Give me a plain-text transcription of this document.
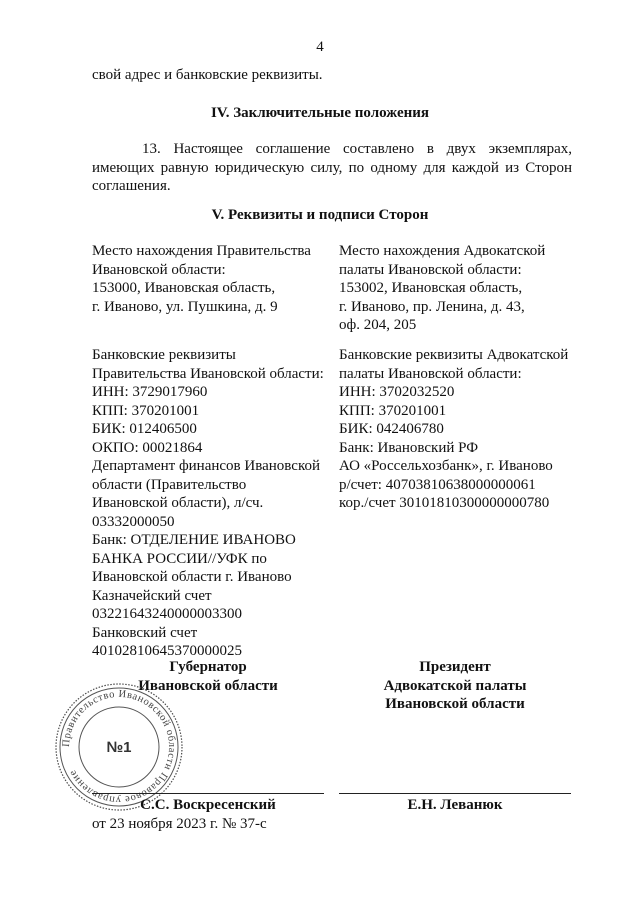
4
свой адрес и банковские реквизиты.
IV. Заключительные положения
13. Настоящее соглашение составлено в двух экземплярах, имеющих равную юридическую силу, по одному для каждой из Сторон соглашения.
V. Реквизиты и подписи Сторон
Место нахождения Правительства
Ивановской области:
153000, Ивановская область,
г. Иваново, ул. Пушкина, д. 9
Банковские реквизиты
Правительства Ивановской области:
ИНН: 3729017960
КПП: 370201001
БИК: 012406500
ОКПО: 00021864
Департамент финансов Ивановской
области (Правительство
Ивановской области), л/сч.
03332000050
Банк: ОТДЕЛЕНИЕ ИВАНОВО
БАНКА РОССИИ//УФК по
Ивановской области г. Иваново
Казначейский счет
03221643240000003300
Банковский счет
40102810645370000025
Место нахождения Адвокатской
палаты Ивановской области:
153002, Ивановская область,
г. Иваново, пр. Ленина, д. 43,
оф. 204, 205
Банковские реквизиты Адвокатской
палаты Ивановской области:
ИНН: 3702032520
КПП: 370201001
БИК: 042406780
Банк: Ивановский РФ
АО «Россельхозбанк», г. Иваново
р/счет: 40703810638000000061
кор./счет 30101810300000000780
Губернатор
Ивановской области
Президент
Адвокатской палаты
Ивановской области
Правительство Ивановской области Правовое управление
№1
С.С. Воскресенский	Е.Н. Леванюк
от 23 ноября 2023 г. № 37-с
